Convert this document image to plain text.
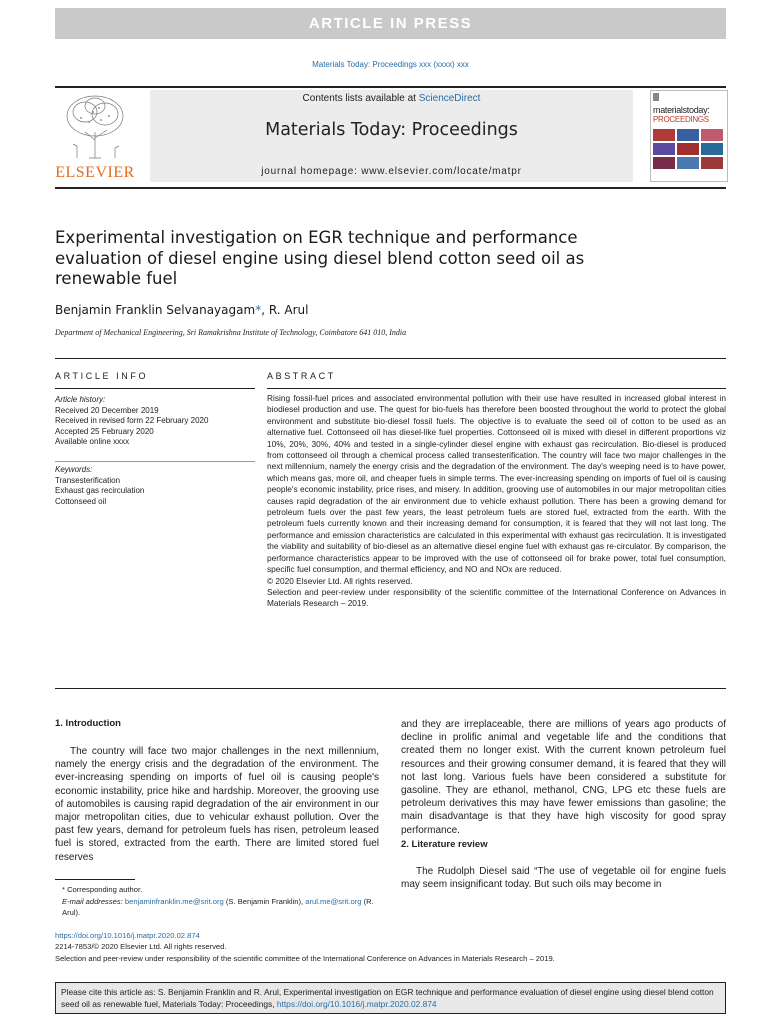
ARTICLE IN PRESS
Materials Today: Proceedings xxx (xxxx) xxx
ELSEVIER
Contents lists available at ScienceDirect
Materials Today: Proceedings
journal homepage: www.elsevier.com/locate/matpr
materialstoday:
PROCEEDINGS
Experimental investigation on EGR technique and performance evaluation of diesel engine using diesel blend cotton seed oil as renewable fuel
Benjamin Franklin Selvanayagam*, R. Arul
Department of Mechanical Engineering, Sri Ramakrishna Institute of Technology, Coimbatore 641 010, India
ARTICLE INFO	ABSTRACT
Article history:
Received 20 December 2019
Received in revised form 22 February 2020
Accepted 25 February 2020
Available online xxxx
Keywords:
Transesterification
Exhaust gas recirculation
Cottonseed oil
Rising fossil-fuel prices and associated environmental pollution with their use have resulted in increased global interest in biodiesel production and use. The quest for bio-fuels has therefore been boosted throughout the world to protect the global environment and substitute bio-diesel fossil fuels. The objective is to evaluate the seed oil of cotton to be used as an alternative fuel. Cottonseed oil has diesel-like fuel properties. Cottonseed oil is mixed with diesel in different proportions viz 10%, 20%, 30%, 40% and tested in a single-cylinder diesel engine with exhaust gas recirculation. Bio-diesel is produced from cottonseed oil through a chemical process called transesterification. The country will face two major challenges in the next millennium, namely the energy crisis and the degradation of the environment. The day's weeping need is to have power, which means gas, more oil, and cheaper fuels in simple terms. The ever-increasing spending on imports of fuel oil is causing people's economic instability, price rises, and misery. In addition, grooving use of automobiles in our major metropolitan cities causes rapid degradation of the air environment due to vehicle exhaust pollution. There has been a growing demand for petroleum fuels over the past few years, the least petroleum fuels are stored fuel, extracted from the earth. With the petroleum fuels currently known and their increasing demand for consumption, it is feared that they will not last long. The performance and emission characteristics are calculated in this experimental with exhaust gas recirculation. It is investigated the viability and suitability of bio-diesel as an alternative diesel engine fuel with exhaust gas re-circulator. By comparison, the performance characteristics appear to be improved with the use of cottonseed oil for brake power, total fuel consumption, specific fuel consumption, and thermal efficiency, and NO and NOx are reduced.
© 2020 Elsevier Ltd. All rights reserved.
Selection and peer-review under responsibility of the scientific committee of the International Conference on Advances in Materials Research – 2019.
1. Introduction
The country will face two major challenges in the next millennium, namely the energy crisis and the degradation of the environment. The ever-increasing spending on imports of fuel oil is causing people's economic instability, price hike and hardship. Moreover, the grooving use of automobiles is causing rapid degradation of the air environment in our major metropolitan cities, due to vehicular exhaust pollution. Over the past few years, demand for petroleum fuels has risen, petroleum leased fuel is stored, extracted from the earth. There are limited stored fuel reserves
and they are irreplaceable, there are millions of years ago products of decline in prolific animal and vegetable life and the conditions that created them no longer exist. With the current known petroleum fuel resources and their growing consumer demand, it is feared that they will not last long. Various fuels have been considered a substitute for gasoline. They are ethanol, methanol, CNG, LPG etc these fuels are petroleum derivatives this may have fewer emissions than gasoline; the main disadvantage is that they have high viscosity for good spray performance.
2. Literature review
The Rudolph Diesel said “The use of vegetable oil for engine fuels may seem insignificant today. But such oils may become in
* Corresponding author.
E-mail addresses: benjaminfranklin.me@srit.org (S. Benjamin Franklin), arul.me@srit.org (R. Arul).
https://doi.org/10.1016/j.matpr.2020.02.874
2214-7853/© 2020 Elsevier Ltd. All rights reserved.
Selection and peer-review under responsibility of the scientific committee of the International Conference on Advances in Materials Research – 2019.
Please cite this article as: S. Benjamin Franklin and R. Arul, Experimental investigation on EGR technique and performance evaluation of diesel engine using diesel blend cotton seed oil as renewable fuel, Materials Today: Proceedings, https://doi.org/10.1016/j.matpr.2020.02.874
